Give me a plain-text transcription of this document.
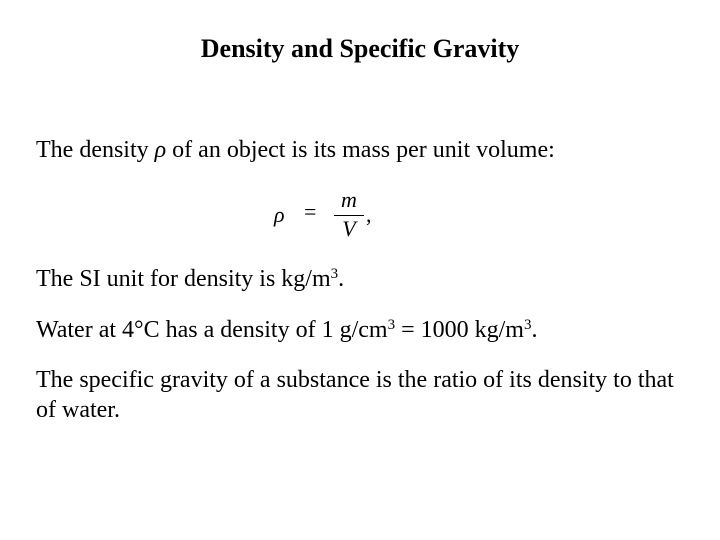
Density and Specific Gravity

The density ρ of an object is its mass per unit volume:

ρ = m
V
,

The SI unit for density is $kg/m^3$.

Water at 4°C has a density of 1 $g/cm^3 = 1000$ $kg/m^3$.

The specific gravity of a substance is the ratio of its density to that of water.
